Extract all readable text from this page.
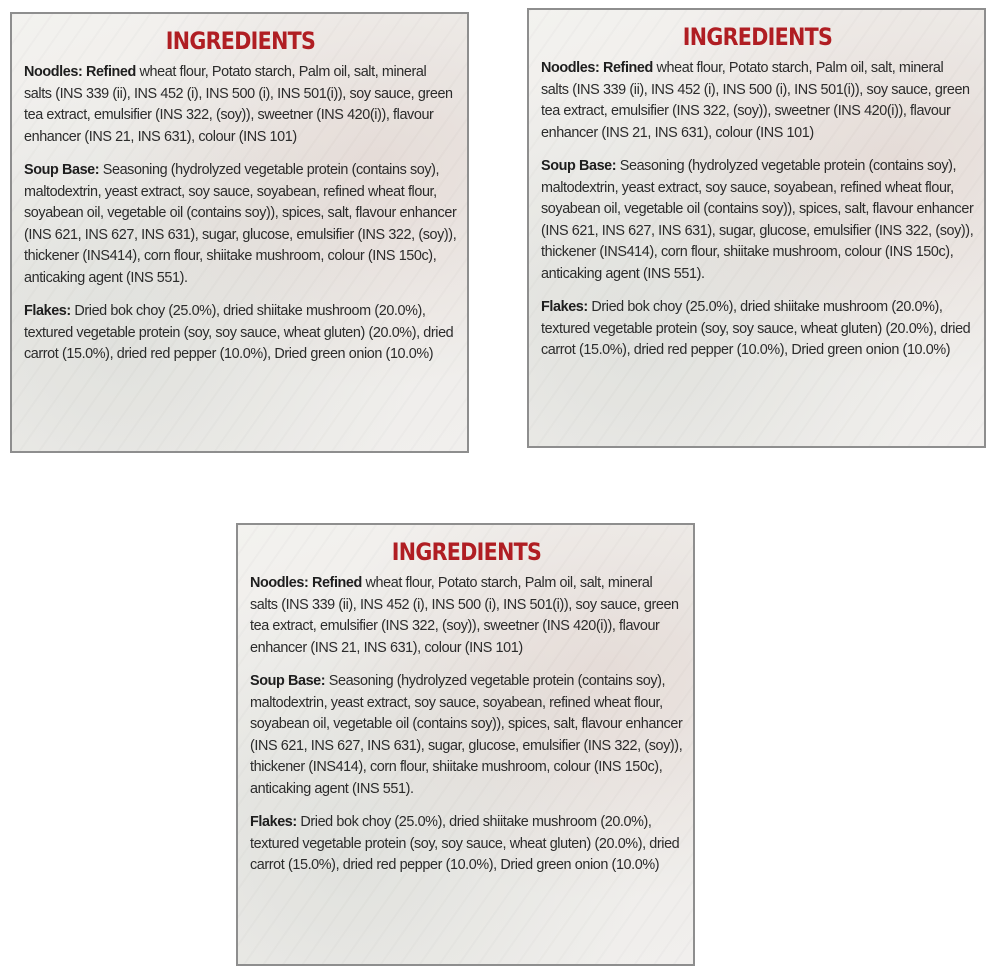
INGREDIENTS

Noodles: Refined wheat flour, Potato starch, Palm oil, salt, mineral salts (INS 339 (ii), INS 452 (i), INS 500 (i), INS 501(i)), soy sauce, green tea extract, emulsifier (INS 322, (soy)), sweetner (INS 420(i)), flavour enhancer (INS 21, INS 631), colour (INS 101)

Soup Base: Seasoning (hydrolyzed vegetable protein (contains soy), maltodextrin, yeast extract, soy sauce, soyabean, refined wheat flour, soyabean oil, vegetable oil (contains soy)), spices, salt, flavour enhancer (INS 621, INS 627, INS 631), sugar, glucose, emulsifier (INS 322, (soy)), thickener (INS414), corn flour, shiitake mushroom, colour (INS 150c), anticaking agent (INS 551).

Flakes: Dried bok choy (25.0%), dried shiitake mushroom (20.0%), textured vegetable protein (soy, soy sauce, wheat gluten) (20.0%), dried carrot (15.0%), dried red pepper (10.0%), Dried green onion (10.0%)

INGREDIENTS

Noodles: Refined wheat flour, Potato starch, Palm oil, salt, mineral salts (INS 339 (ii), INS 452 (i), INS 500 (i), INS 501(i)), soy sauce, green tea extract, emulsifier (INS 322, (soy)), sweetner (INS 420(i)), flavour enhancer (INS 21, INS 631), colour (INS 101)

Soup Base: Seasoning (hydrolyzed vegetable protein (contains soy), maltodextrin, yeast extract, soy sauce, soyabean, refined wheat flour, soyabean oil, vegetable oil (contains soy)), spices, salt, flavour enhancer (INS 621, INS 627, INS 631), sugar, glucose, emulsifier (INS 322, (soy)), thickener (INS414), corn flour, shiitake mushroom, colour (INS 150c), anticaking agent (INS 551).

Flakes: Dried bok choy (25.0%), dried shiitake mushroom (20.0%), textured vegetable protein (soy, soy sauce, wheat gluten) (20.0%), dried carrot (15.0%), dried red pepper (10.0%), Dried green onion (10.0%)

INGREDIENTS

Noodles: Refined wheat flour, Potato starch, Palm oil, salt, mineral salts (INS 339 (ii), INS 452 (i), INS 500 (i), INS 501(i)), soy sauce, green tea extract, emulsifier (INS 322, (soy)), sweetner (INS 420(i)), flavour enhancer (INS 21, INS 631), colour (INS 101)

Soup Base: Seasoning (hydrolyzed vegetable protein (contains soy), maltodextrin, yeast extract, soy sauce, soyabean, refined wheat flour, soyabean oil, vegetable oil (contains soy)), spices, salt, flavour enhancer (INS 621, INS 627, INS 631), sugar, glucose, emulsifier (INS 322, (soy)), thickener (INS414), corn flour, shiitake mushroom, colour (INS 150c), anticaking agent (INS 551).

Flakes: Dried bok choy (25.0%), dried shiitake mushroom (20.0%), textured vegetable protein (soy, soy sauce, wheat gluten) (20.0%), dried carrot (15.0%), dried red pepper (10.0%), Dried green onion (10.0%)
